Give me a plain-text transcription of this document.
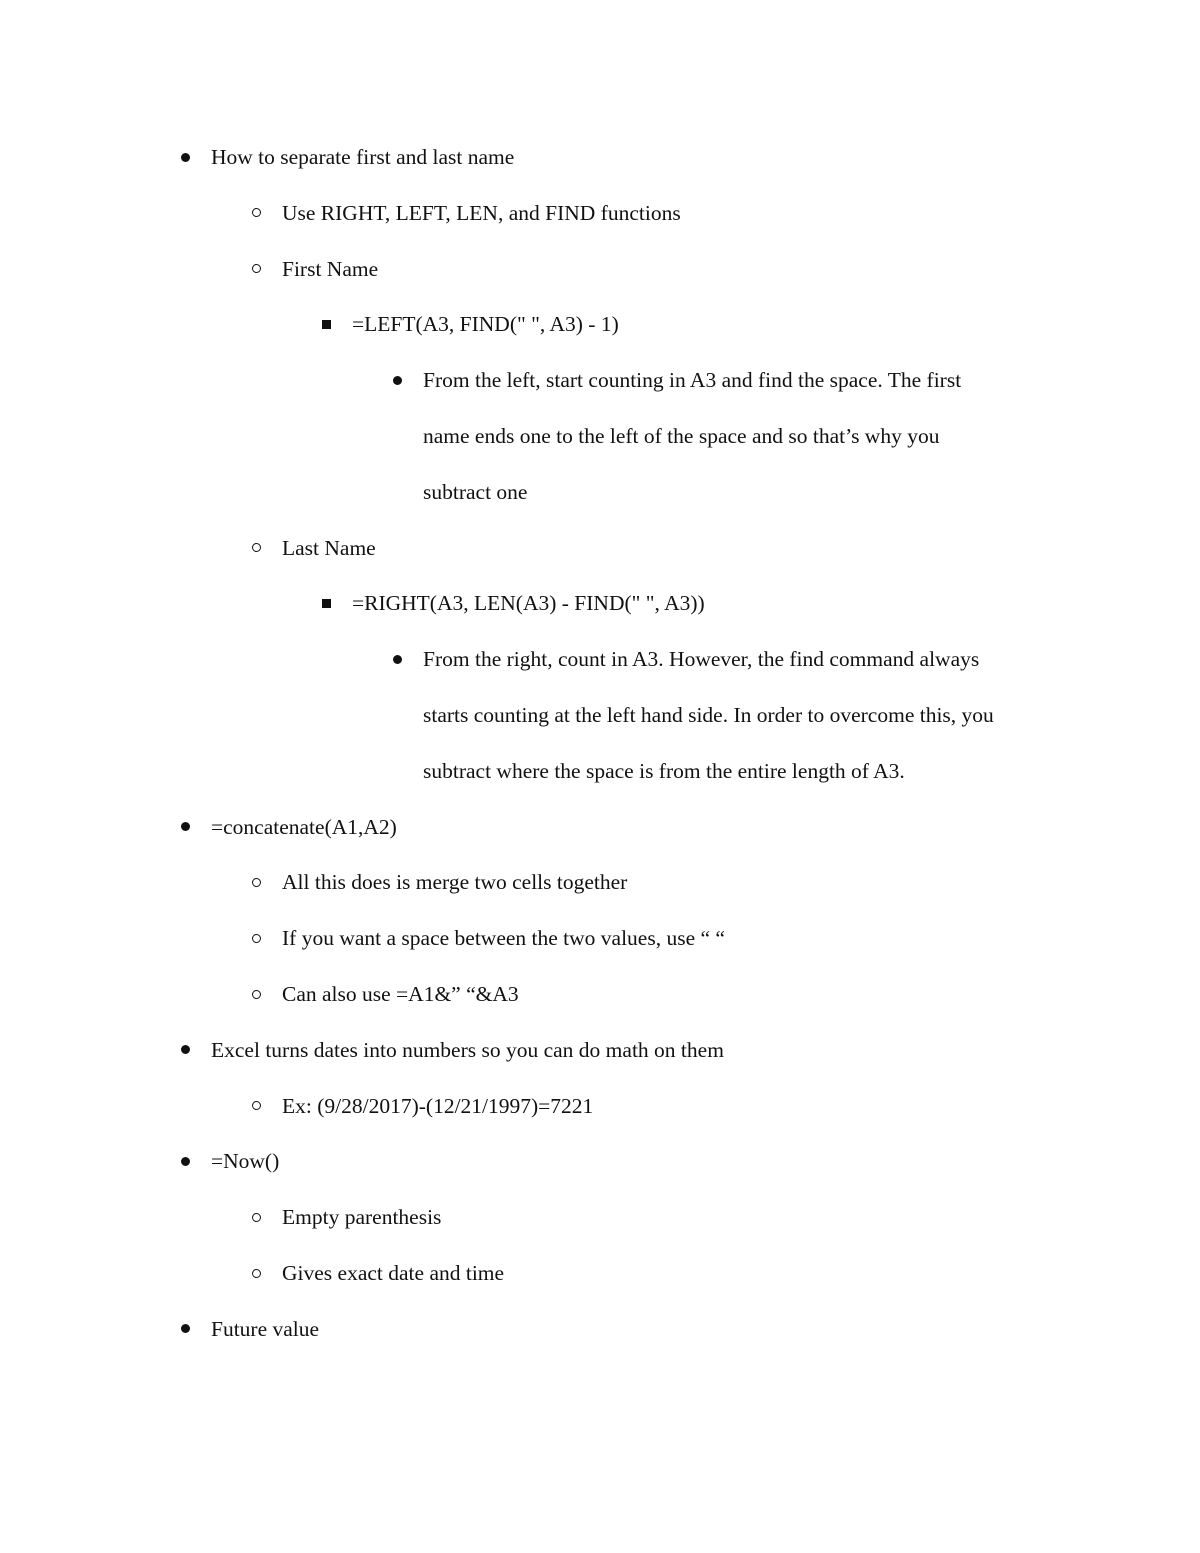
How to separate first and last name
Use RIGHT, LEFT, LEN, and FIND functions
First Name
=LEFT(A3, FIND(" ", A3) - 1)
From the left, start counting in A3 and find the space. The first
name ends one to the left of the space and so that’s why you
subtract one
Last Name
=RIGHT(A3, LEN(A3) - FIND(" ", A3))
From the right, count in A3. However, the find command always
starts counting at the left hand side. In order to overcome this, you
subtract where the space is from the entire length of A3.
=concatenate(A1,A2)
All this does is merge two cells together
If you want a space between the two values, use “ “
Can also use =A1&” “&A3
Excel turns dates into numbers so you can do math on them
Ex: (9/28/2017)-(12/21/1997)=7221
=Now()
Empty parenthesis
Gives exact date and time
Future value
